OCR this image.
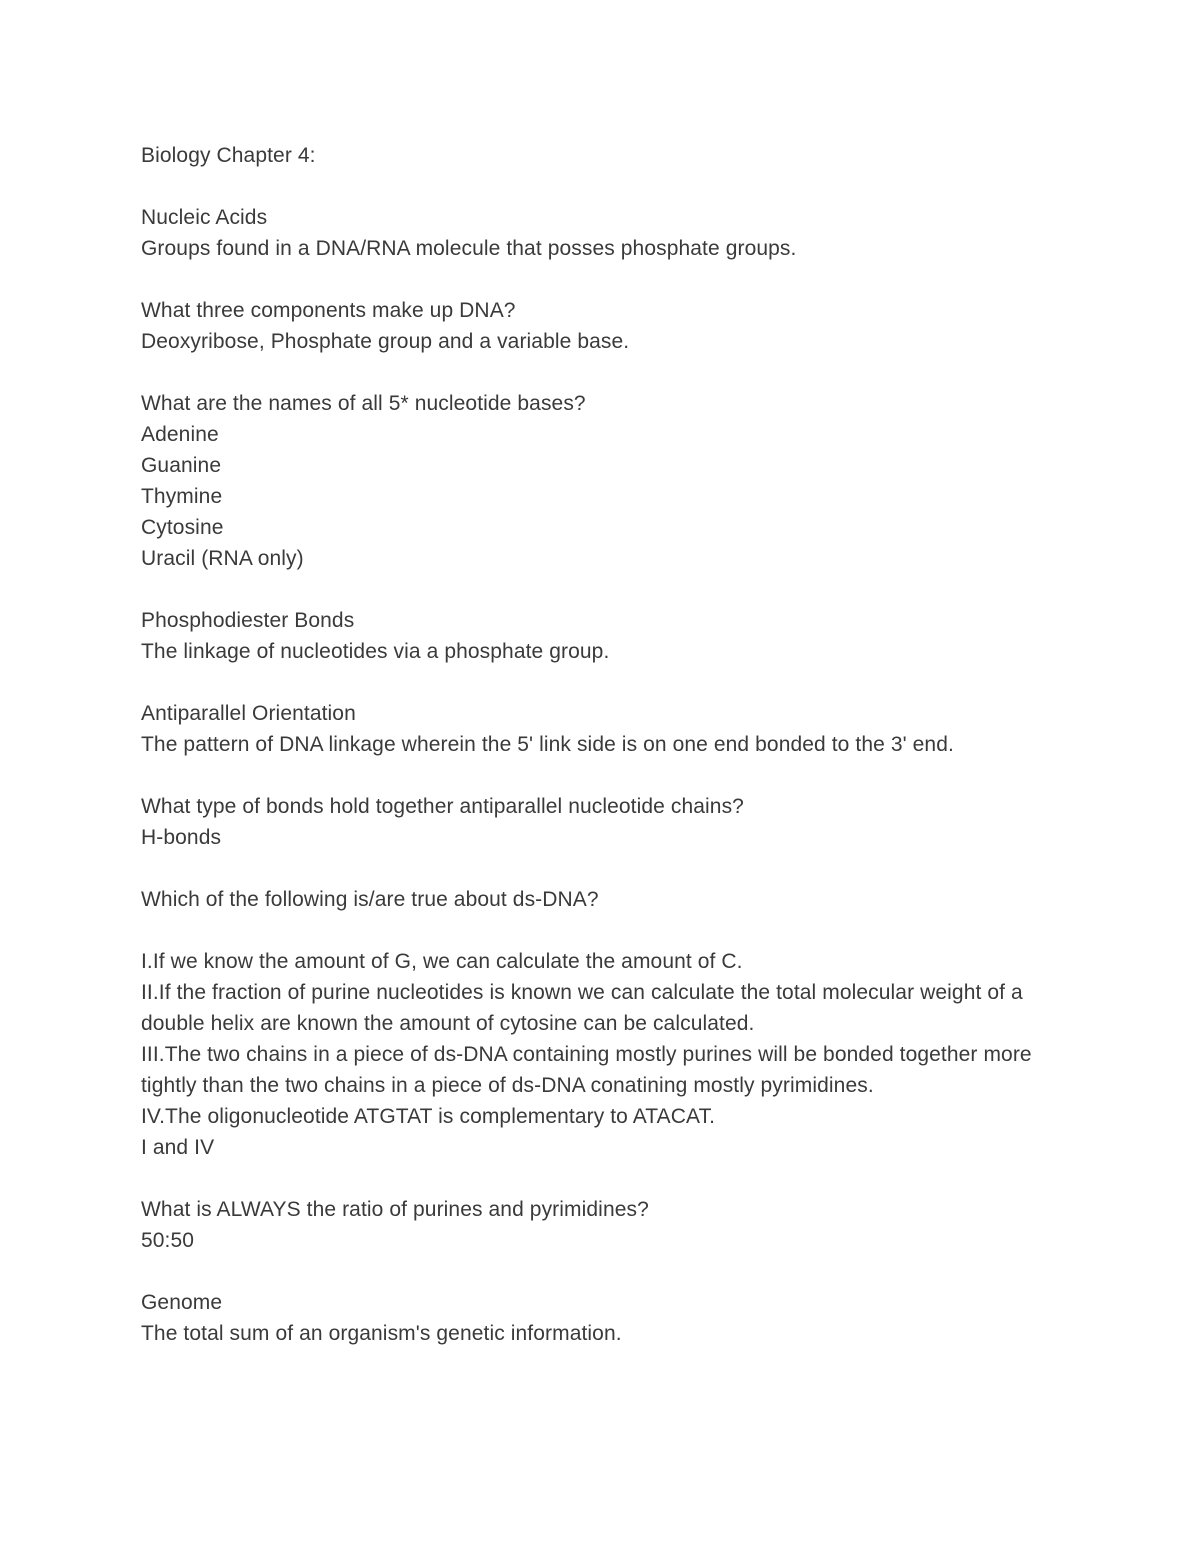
Biology Chapter 4:
Nucleic Acids
Groups found in a DNA/RNA molecule that posses phosphate groups.
What three components make up DNA?
Deoxyribose, Phosphate group and a variable base.
What are the names of all 5* nucleotide bases?
Adenine
Guanine
Thymine
Cytosine
Uracil (RNA only)
Phosphodiester Bonds
The linkage of nucleotides via a phosphate group.
Antiparallel Orientation
The pattern of DNA linkage wherein the 5' link side is on one end bonded to the 3' end.
What type of bonds hold together antiparallel nucleotide chains?
H-bonds
Which of the following is/are true about ds-DNA?
I.If we know the amount of G, we can calculate the amount of C.
II.If the fraction of purine nucleotides is known we can calculate the total molecular weight of a double helix are known the amount of cytosine can be calculated.
III.The two chains in a piece of ds-DNA containing mostly purines will be bonded together more tightly than the two chains in a piece of ds-DNA conatining mostly pyrimidines.
IV.The oligonucleotide ATGTAT is complementary to ATACAT.
I and IV
What is ALWAYS the ratio of purines and pyrimidines?
50:50
Genome
The total sum of an organism's genetic information.
